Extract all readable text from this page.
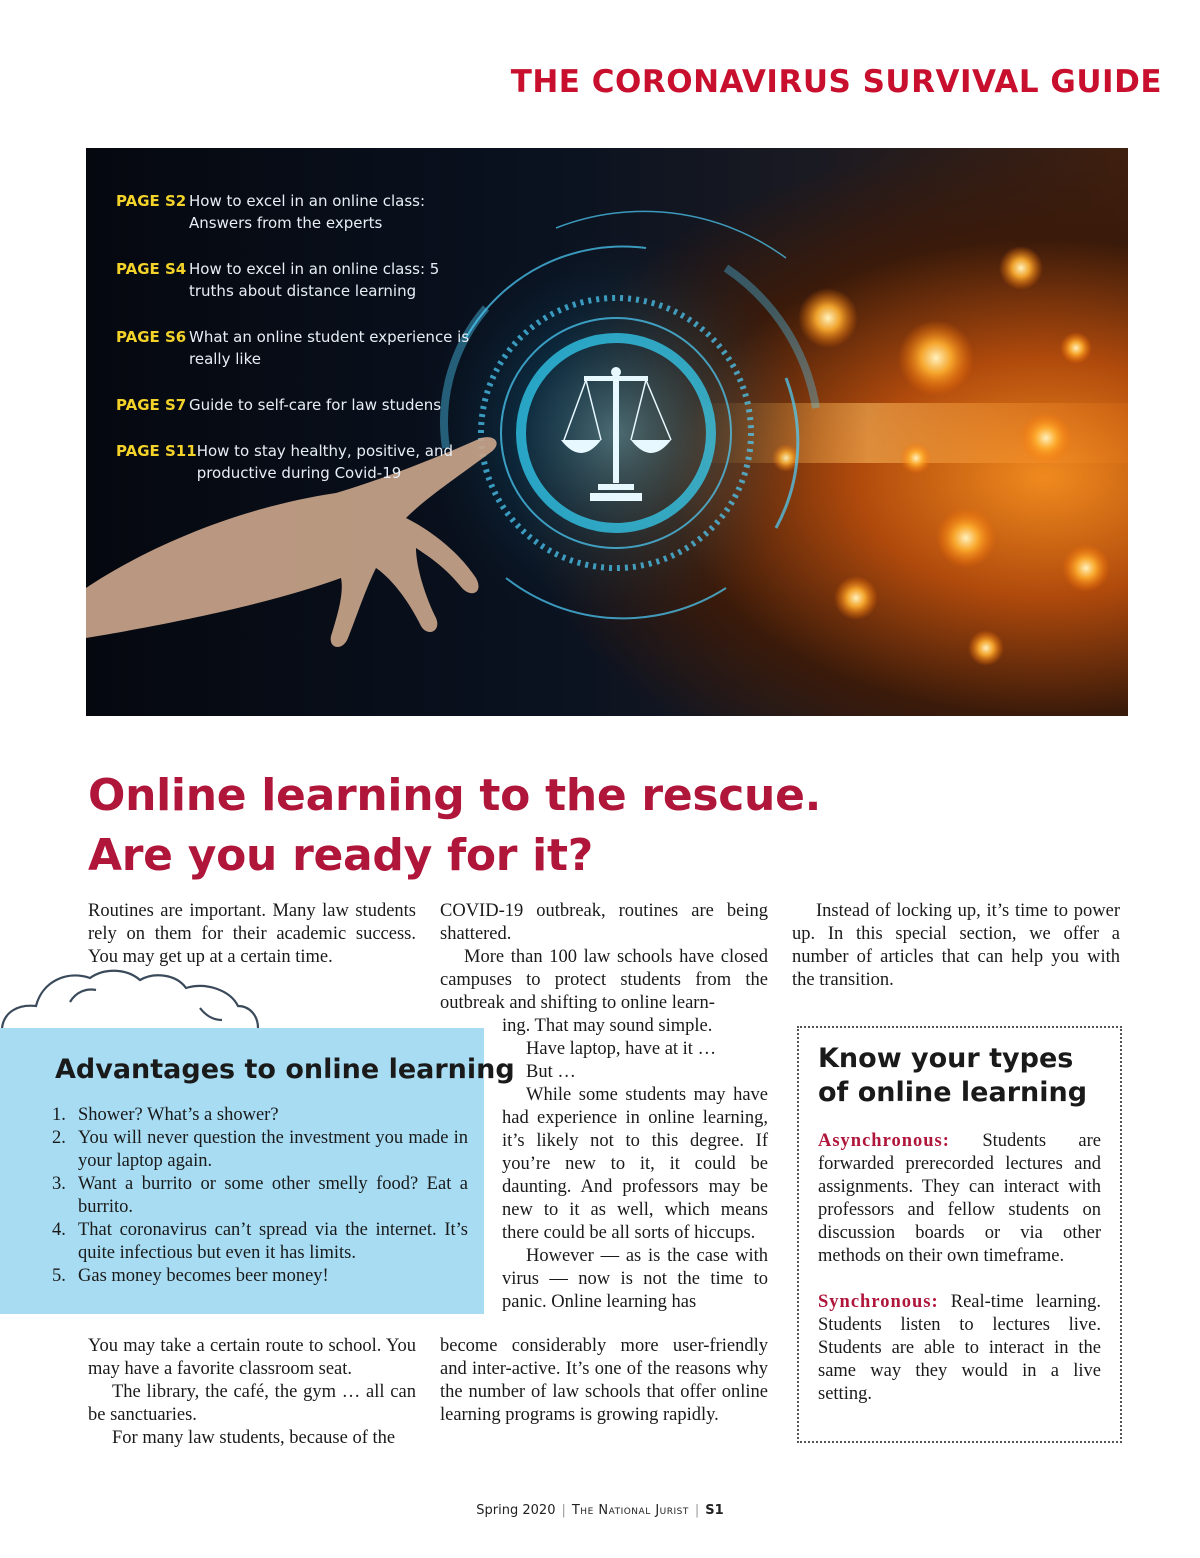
THE CORONAVIRUS SURVIVAL GUIDE
PAGE S2 How to excel in an online class: Answers from the experts
PAGE S4 How to excel in an online class: 5 truths about distance learning
PAGE S6 What an online student experience is really like
PAGE S7 Guide to self-care for law studens
PAGE S11 How to stay healthy, positive, and productive during Covid-19
Online learning to the rescue.
Are you ready for it?

Routines are important. Many law students rely on them for their academic success. You may get up at a certain time.

You may take a certain route to school. You may have a favorite classroom seat.

The library, the café, the gym … all can be sanctuaries.

For many law students, because of the

COVID-19 outbreak, routines are being shattered.

More than 100 law schools have closed campuses to protect students from the outbreak and shifting to online learn-

ing. That may sound simple.

Have laptop, have at it …

But …

While some students may have had experience in online learning, it’s likely not to this degree. If you’re new to it, it could be daunting. And professors may be new to it as well, which means there could be all sorts of hiccups.

However — as is the case with virus — now is not the time to panic. Online learning has

become considerably more user-friendly and inter-active. It’s one of the reasons why the number of law schools that offer online learning programs is growing rapidly.

Instead of locking up, it’s time to power up. In this special section, we offer a number of articles that can help you with the transition.

Advantages to online learning
1. Shower? What’s a shower?
2. You will never question the investment you made in your laptop again.
3. Want a burrito or some other smelly food? Eat a burrito.
4. That coronavirus can’t spread via the internet. It’s quite infectious but even it has limits.
5. Gas money becomes beer money!
Know your types of online learning

Asynchronous: Students are forwarded prerecorded lectures and assignments. They can interact with professors and fellow students on discussion boards or via other methods on their own timeframe.

Synchronous: Real-time learning. Students listen to lectures live. Students are able to interact in the same way they would in a live setting.

Spring 2020 | The National Jurist | S1
